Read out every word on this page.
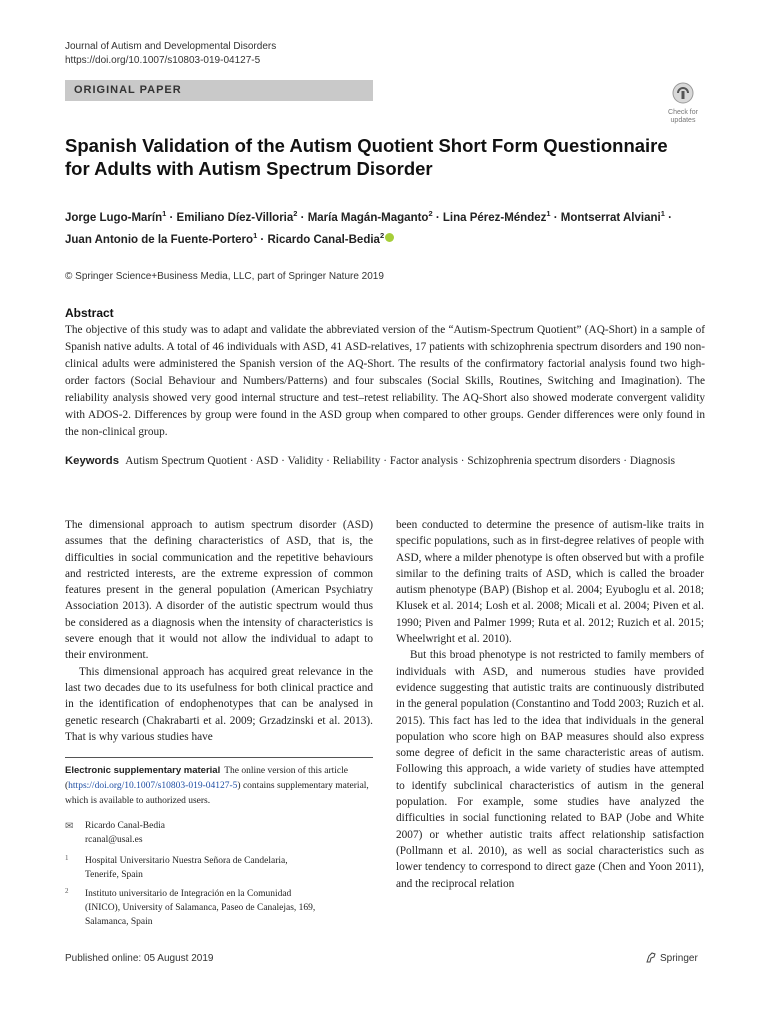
Journal of Autism and Developmental Disorders
https://doi.org/10.1007/s10803-019-04127-5
ORIGINAL PAPER
Check for
updates
Spanish Validation of the Autism Quotient Short Form Questionnaire for Adults with Autism Spectrum Disorder
Jorge Lugo-Marín$^1$ · Emiliano Díez-Villoria$^2$ · María Magán-Maganto$^2$ · Lina Pérez-Méndez$^1$ · Montserrat Alviani$^1$ ·
Juan Antonio de la Fuente-Portero$^1$ · Ricardo Canal-Bedia$^2$
© Springer Science+Business Media, LLC, part of Springer Nature 2019
Abstract
The objective of this study was to adapt and validate the abbreviated version of the “Autism-Spectrum Quotient” (AQ-Short) in a sample of Spanish native adults. A total of 46 individuals with ASD, 41 ASD-relatives, 17 patients with schizophrenia spectrum disorders and 190 non-clinical adults were administered the Spanish version of the AQ-Short. The results of the confirmatory factorial analysis found two high-order factors (Social Behaviour and Numbers/Patterns) and four subscales (Social Skills, Routines, Switching and Imagination). The reliability analysis showed very good internal structure and test–retest reliability. The AQ-Short also showed moderate convergent validity with ADOS-2. Differences by group were found in the ASD group when compared to other groups. Gender differences were only found in the non-clinical group.
Keywords Autism Spectrum Quotient · ASD · Validity · Reliability · Factor analysis · Schizophrenia spectrum disorders · Diagnosis

The dimensional approach to autism spectrum disorder (ASD) assumes that the defining characteristics of ASD, that is, the difficulties in social communication and the repetitive behaviours and restricted interests, are the extreme expression of common features present in the general population (American Psychiatry Association 2013). A disorder of the autistic spectrum would thus be considered as a diagnosis when the intensity of characteristics is severe enough that it would not allow the individual to adapt to their environment.

This dimensional approach has acquired great relevance in the last two decades due to its usefulness for both clinical practice and in the identification of endophenotypes that can be analysed in genetic research (Chakrabarti et al. 2009; Grzadzinski et al. 2013). That is why various studies have

been conducted to determine the presence of autism-like traits in specific populations, such as in first-degree relatives of people with ASD, where a milder phenotype is often observed but with a profile similar to the defining traits of ASD, which is called the broader autism phenotype (BAP) (Bishop et al. 2004; Eyuboglu et al. 2018; Klusek et al. 2014; Losh et al. 2008; Micali et al. 2004; Piven et al. 1990; Piven and Palmer 1999; Ruta et al. 2012; Ruzich et al. 2015; Wheelwright et al. 2010).

But this broad phenotype is not restricted to family members of individuals with ASD, and numerous studies have provided evidence suggesting that autistic traits are continuously distributed in the general population (Constantino and Todd 2003; Ruzich et al. 2015). This fact has led to the idea that individuals in the general population who score high on BAP measures should also express some degree of deficit in the same characteristic areas of autism. Following this approach, a wide variety of studies have attempted to identify subclinical characteristics of autism in the general population. For example, some studies have analyzed the difficulties in social functioning related to BAP (Jobe and White 2007) or whether autistic traits affect relationship satisfaction (Pollmann et al. 2010), as well as social characteristics such as lower tendency to correspond to direct gaze (Chen and Yoon 2011), and the reciprocal relation

Electronic supplementary material The online version of this article (https://doi.org/10.1007/s10803-019-04127-5) contains supplementary material, which is available to authorized users.
✉ Ricardo Canal-Bedia
rcanal@usal.es
1 Hospital Universitario Nuestra Señora de Candelaria,
Tenerife, Spain
2 Instituto universitario de Integración en la Comunidad
(INICO), University of Salamanca, Paseo de Canalejas, 169,
Salamanca, Spain
Published online: 05 August 2019	Springer
